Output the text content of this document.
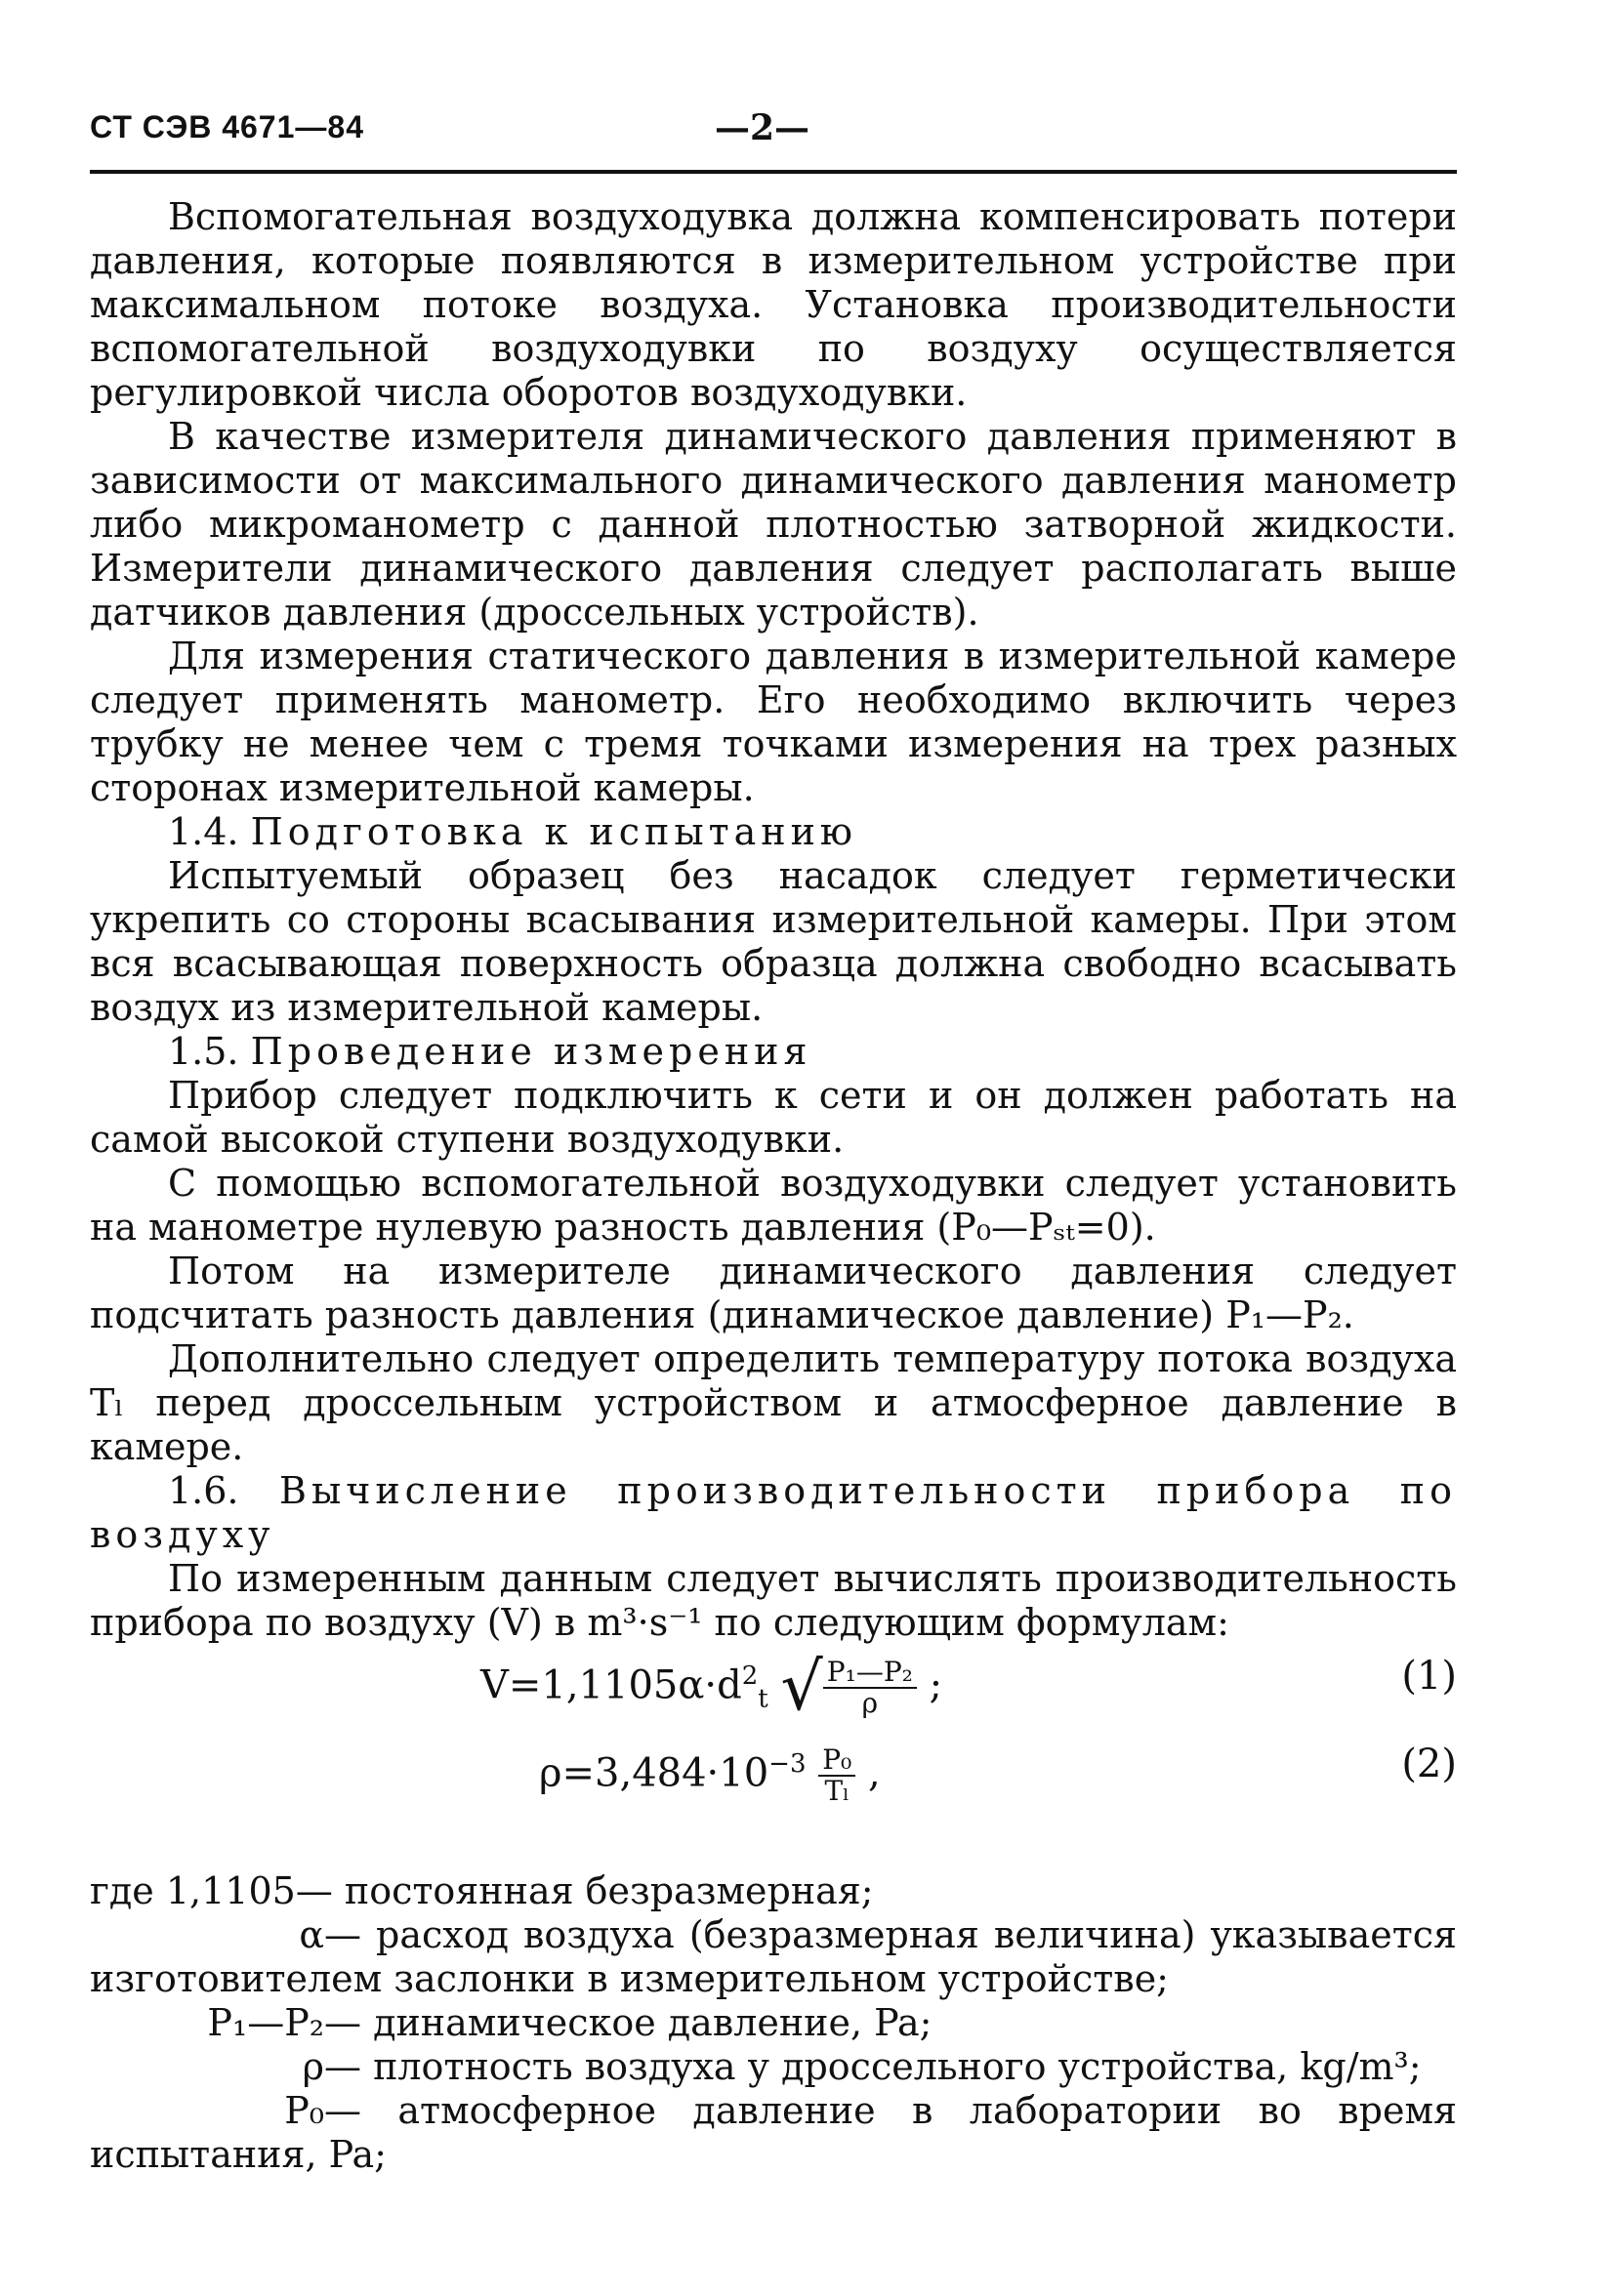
СТ СЭВ 4671—84	—2—

Вспомогательная воздуходувка должна компенсировать потери давления, которые появляются в измерительном устройстве при максимальном потоке воздуха. Установка производительности вспомогательной воздуходувки по воздуху осуществляется регулировкой числа оборотов воздуходувки.

В качестве измерителя динамического давления применяют в зависимости от максимального динамического давления манометр либо микроманометр с данной плотностью затворной жидкости. Измерители динамического давления следует располагать выше датчиков давления (дроссельных устройств).

Для измерения статического давления в измерительной камере следует применять манометр. Его необходимо включить через трубку не менее чем с тремя точками измерения на трех разных сторонах измерительной камеры.

1.4. Подготовка к испытанию

Испытуемый образец без насадок следует герметически укрепить со стороны всасывания измерительной камеры. При этом вся всасывающая поверхность образца должна свободно всасывать воздух из измерительной камеры.

1.5. Проведение измерения

Прибор следует подключить к сети и он должен работать на самой высокой ступени воздуходувки.

С помощью вспомогательной воздуходувки следует установить на манометре нулевую разность давления (P₀—Pₛₜ=0).

Потом на измерителе динамического давления следует подсчитать разность давления (динамическое давление) P₁—P₂.

Дополнительно следует определить температуру потока воздуха Tₗ перед дроссельным устройством и атмосферное давление в камере.

1.6. Вычисление производительности прибора по воздуху

По измеренным данным следует вычислять производительность прибора по воздуху (V) в m³·s⁻¹ по следующим формулам:

$V=1,1105\alpha\cdot d^2_t$ √ $\frac{\text{P₁—P₂}}{\rho}$ ;	(1)
$\rho=3,484\cdot 10^{-3} \frac{\text{P₀}}{\text{Tₗ}}$ ,	(2)
где 1,1105— постоянная безразмерная;
α— расход воздуха (безразмерная величина) указывается изготовителем заслонки в измерительном устройстве;
P₁—P₂— динамическое давление, Pa;
ρ— плотность воздуха у дроссельного устройства, kg/m³;
P₀— атмосферное давление в лаборатории во время испытания, Pa;
